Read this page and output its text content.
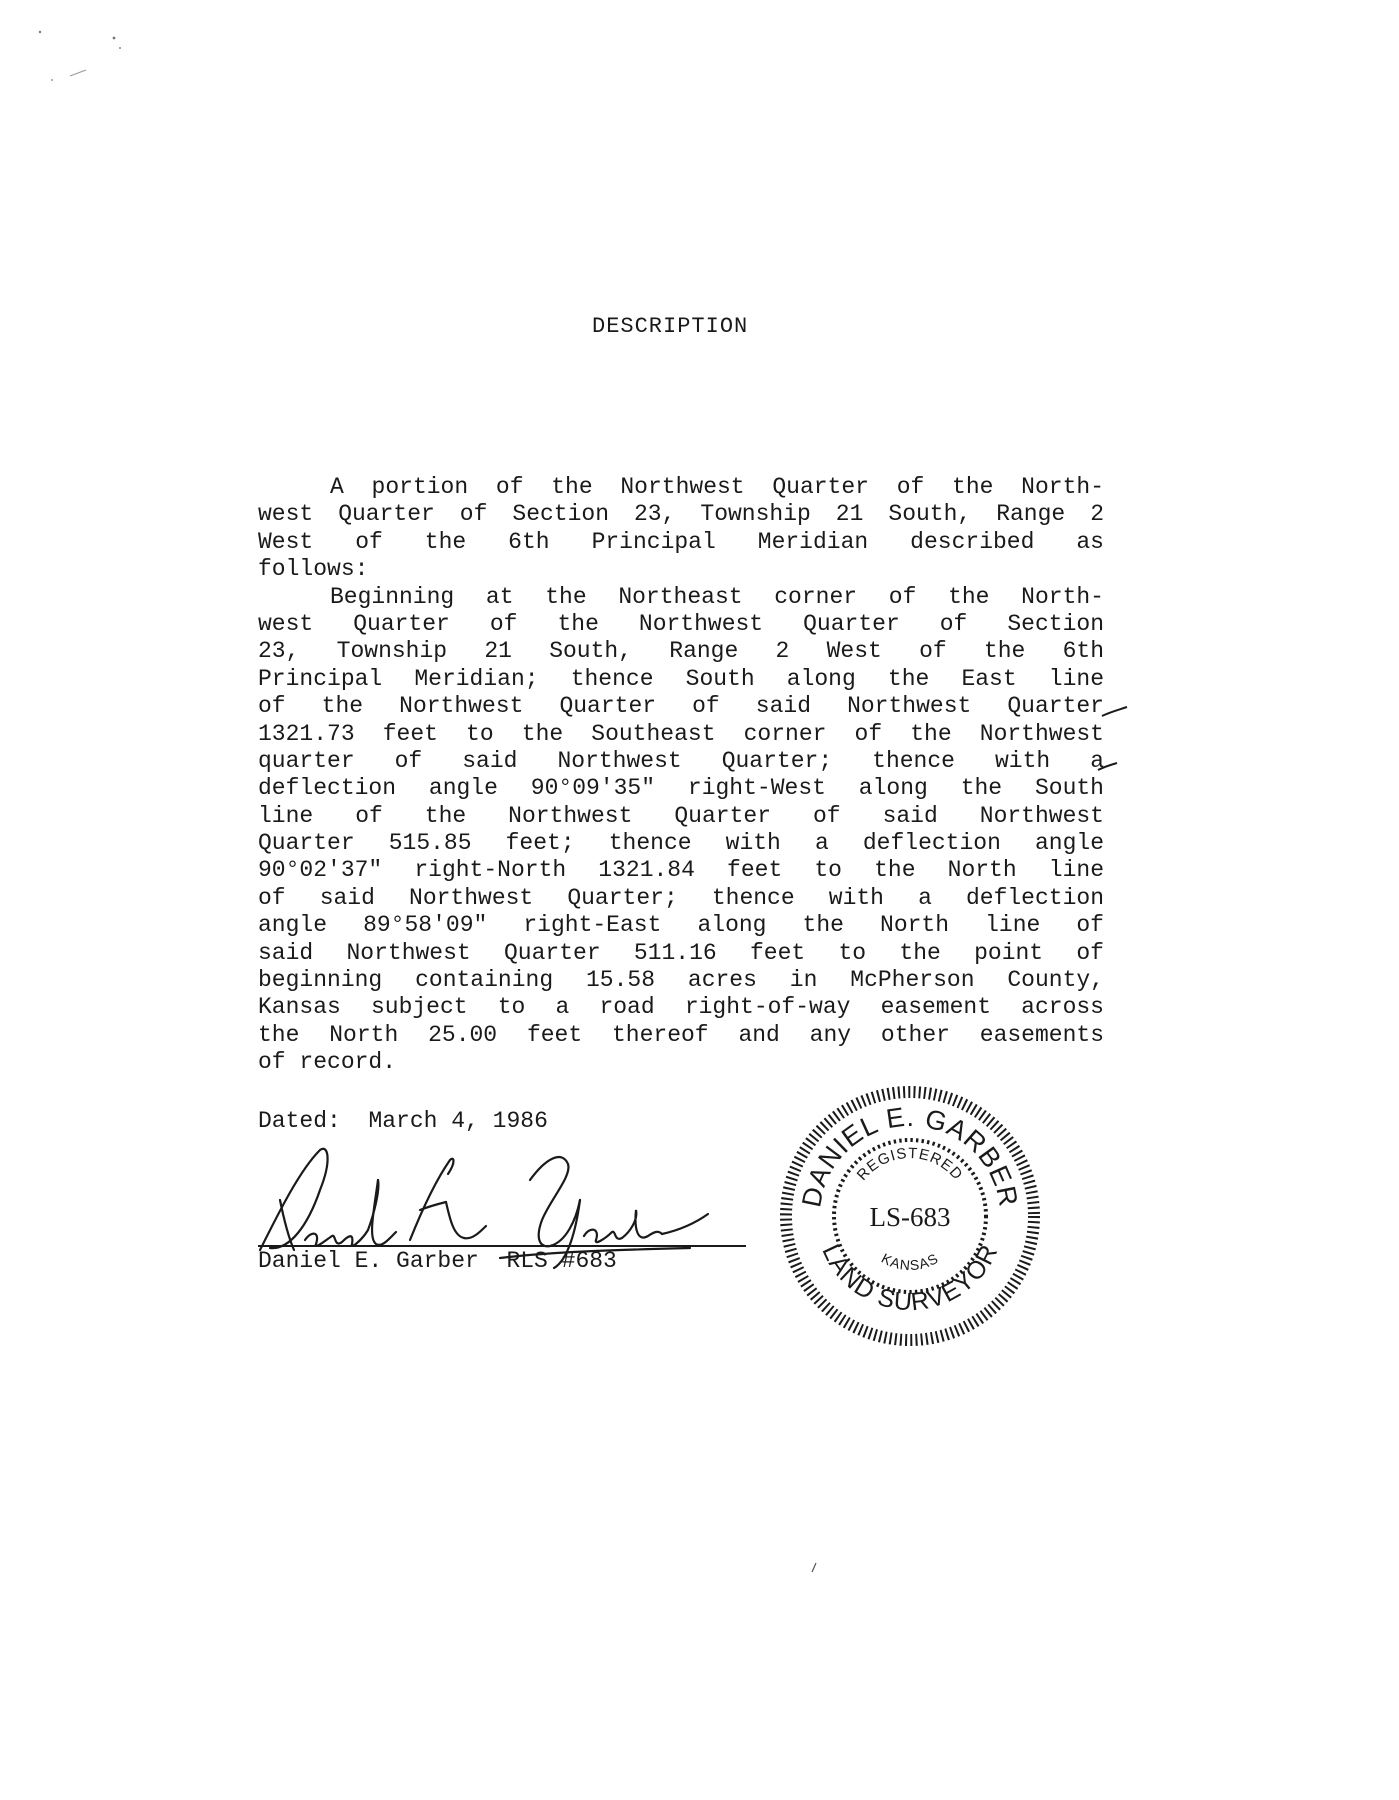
DESCRIPTION
A portion of the Northwest Quarter of the North-
west Quarter of Section 23, Township 21 South, Range 2
West of the 6th Principal Meridian described as
follows:
Beginning at the Northeast corner of the North-
west Quarter of the Northwest Quarter of Section
23, Township 21 South, Range 2 West of the 6th
Principal Meridian; thence South along the East line
of the Northwest Quarter of said Northwest Quarter
1321.73 feet to the Southeast corner of the Northwest
quarter of said Northwest Quarter; thence with a
deflection angle 90°09'35" right-West along the South
line of the Northwest Quarter of said Northwest
Quarter 515.85 feet; thence with a deflection angle
90°02'37" right-North 1321.84 feet to the North line
of said Northwest Quarter; thence with a deflection
angle 89°58'09" right-East along the North line of
said Northwest Quarter 511.16 feet to the point of
beginning containing 15.58 acres in McPherson County,
Kansas subject to a road right-of-way easement across
the North 25.00 feet thereof and any other easements
of record.
Dated: March 4, 1986
Daniel E. Garber  RLS #683
DANIEL E. GARBER
LAND SURVEYOR
REGISTERED
KANSAS
LS-683
